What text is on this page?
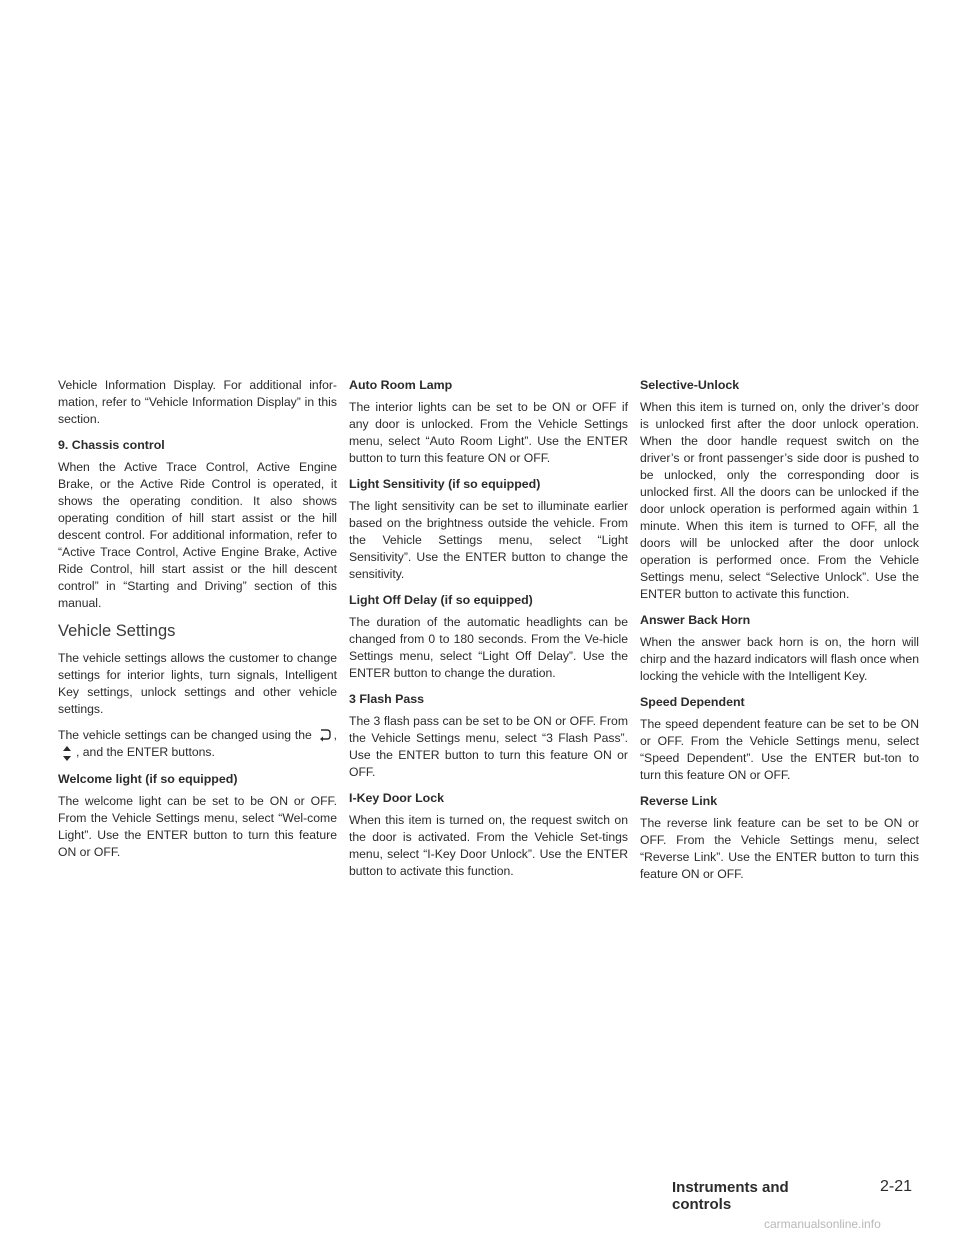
Vehicle Information Display. For additional infor-mation, refer to “Vehicle Information Display” in this section.

9. Chassis control

When the Active Trace Control, Active Engine Brake, or the Active Ride Control is operated, it shows the operating condition. It also shows operating condition of hill start assist or the hill descent control. For additional information, refer to “Active Trace Control, Active Engine Brake, Active Ride Control, hill start assist or the hill descent control” in “Starting and Driving” section of this manual.

Vehicle Settings

The vehicle settings allows the customer to change settings for interior lights, turn signals, Intelligent Key settings, unlock settings and other vehicle settings.

The vehicle settings can be changed using the ,
, and the ENTER buttons.

Welcome light (if so equipped)

The welcome light can be set to be ON or OFF. From the Vehicle Settings menu, select “Wel-come Light”. Use the ENTER button to turn this feature ON or OFF.

Auto Room Lamp

The interior lights can be set to be ON or OFF if any door is unlocked. From the Vehicle Settings menu, select “Auto Room Light”. Use the ENTER button to turn this feature ON or OFF.

Light Sensitivity (if so equipped)

The light sensitivity can be set to illuminate earlier based on the brightness outside the vehicle. From the Vehicle Settings menu, select “Light Sensitivity”. Use the ENTER button to change the sensitivity.

Light Off Delay (if so equipped)

The duration of the automatic headlights can be changed from 0 to 180 seconds. From the Ve-hicle Settings menu, select “Light Off Delay”. Use the ENTER button to change the duration.

3 Flash Pass

The 3 flash pass can be set to be ON or OFF. From the Vehicle Settings menu, select “3 Flash Pass”. Use the ENTER button to turn this feature ON or OFF.

I-Key Door Lock

When this item is turned on, the request switch on the door is activated. From the Vehicle Set-tings menu, select “I-Key Door Unlock”. Use the ENTER button to activate this function.

Selective-Unlock

When this item is turned on, only the driver’s door is unlocked first after the door unlock operation. When the door handle request switch on the driver’s or front passenger’s side door is pushed to be unlocked, only the corresponding door is unlocked first. All the doors can be unlocked if the door unlock operation is performed again within 1 minute. When this item is turned to OFF, all the doors will be unlocked after the door unlock operation is performed once. From the Vehicle Settings menu, select “Selective Unlock”. Use the ENTER button to activate this function.

Answer Back Horn

When the answer back horn is on, the horn will chirp and the hazard indicators will flash once when locking the vehicle with the Intelligent Key.

Speed Dependent

The speed dependent feature can be set to be ON or OFF. From the Vehicle Settings menu, select “Speed Dependent”. Use the ENTER but-ton to turn this feature ON or OFF.

Reverse Link

The reverse link feature can be set to be ON or OFF. From the Vehicle Settings menu, select “Reverse Link”. Use the ENTER button to turn this feature ON or OFF.

Instruments and controls
2-21
carmanualsonline.info
